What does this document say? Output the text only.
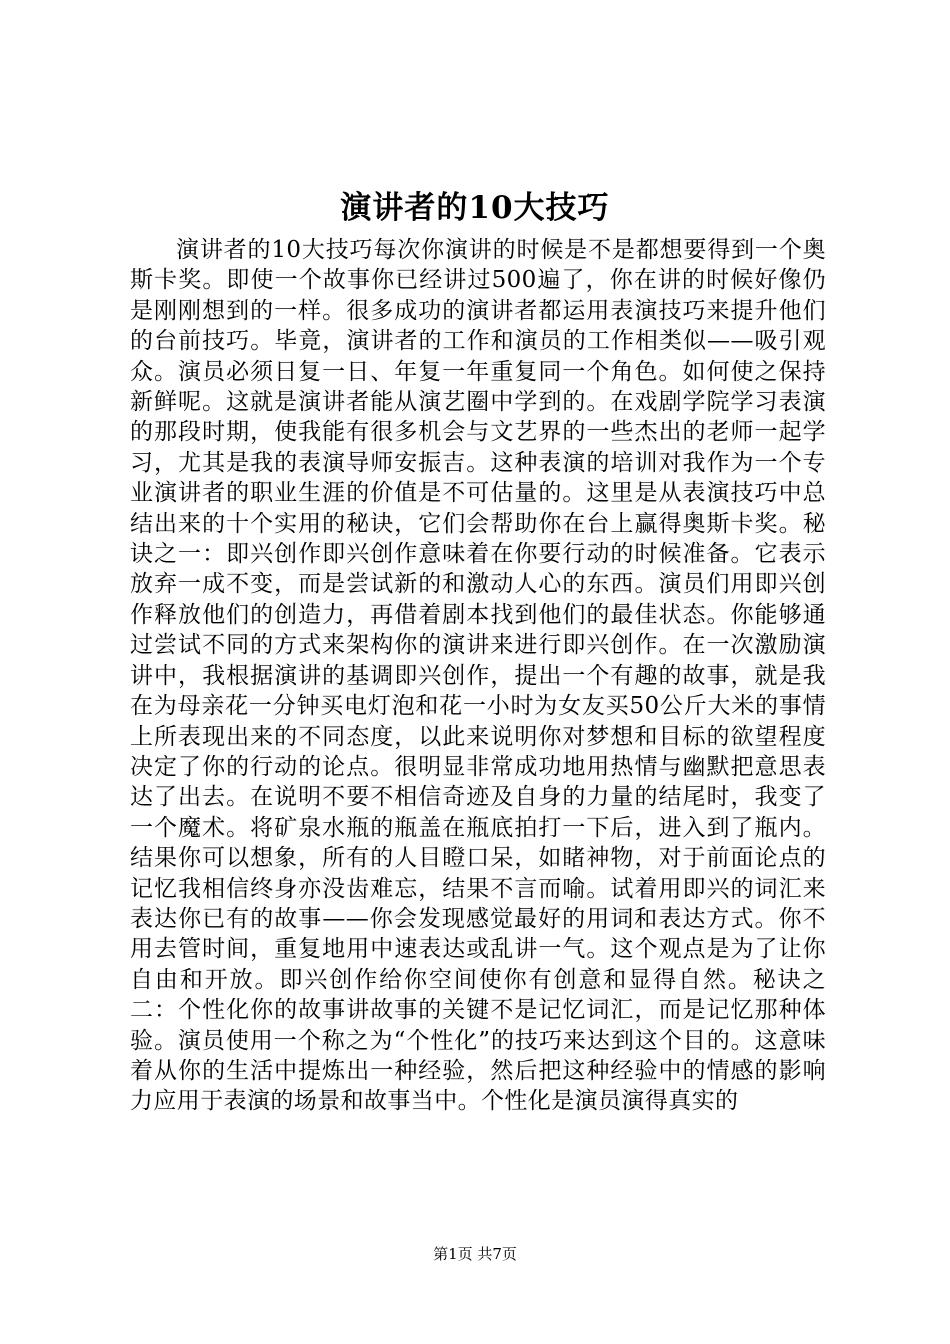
演讲者的10大技巧

演讲者的10大技巧每次你演讲的时候是不是都想要得到一个奥斯卡奖。即使一个故事你已经讲过500遍了，你在讲的时候好像仍是刚刚想到的一样。很多成功的演讲者都运用表演技巧来提升他们的台前技巧。毕竟，演讲者的工作和演员的工作相类似——吸引观众。演员必须日复一日、年复一年重复同一个角色。如何使之保持新鲜呢。这就是演讲者能从演艺圈中学到的。在戏剧学院学习表演的那段时期，使我能有很多机会与文艺界的一些杰出的老师一起学习，尤其是我的表演导师安振吉。这种表演的培训对我作为一个专业演讲者的职业生涯的价值是不可估量的。这里是从表演技巧中总结出来的十个实用的秘诀，它们会帮助你在台上赢得奥斯卡奖。秘诀之一：即兴创作即兴创作意味着在你要行动的时候准备。它表示放弃一成不变，而是尝试新的和激动人心的东西。演员们用即兴创作释放他们的创造力，再借着剧本找到他们的最佳状态。你能够通过尝试不同的方式来架构你的演讲来进行即兴创作。在一次激励演讲中，我根据演讲的基调即兴创作，提出一个有趣的故事，就是我在为母亲花一分钟买电灯泡和花一小时为女友买50公斤大米的事情上所表现出来的不同态度，以此来说明你对梦想和目标的欲望程度决定了你的行动的论点。很明显非常成功地用热情与幽默把意思表达了出去。在说明不要不相信奇迹及自身的力量的结尾时，我变了一个魔术。将矿泉水瓶的瓶盖在瓶底拍打一下后，进入到了瓶内。结果你可以想象，所有的人目瞪口呆，如睹神物，对于前面论点的记忆我相信终身亦没齿难忘，结果不言而喻。试着用即兴的词汇来表达你已有的故事——你会发现感觉最好的用词和表达方式。你不用去管时间，重复地用中速表达或乱讲一气。这个观点是为了让你自由和开放。即兴创作给你空间使你有创意和显得自然。秘诀之二：个性化你的故事讲故事的关键不是记忆词汇，而是记忆那种体验。演员使用一个称之为“个性化”的技巧来达到这个目的。这意味着从你的生活中提炼出一种经验，然后把这种经验中的情感的影响力应用于表演的场景和故事当中。个性化是演员演得真实的

第1页 共7页
